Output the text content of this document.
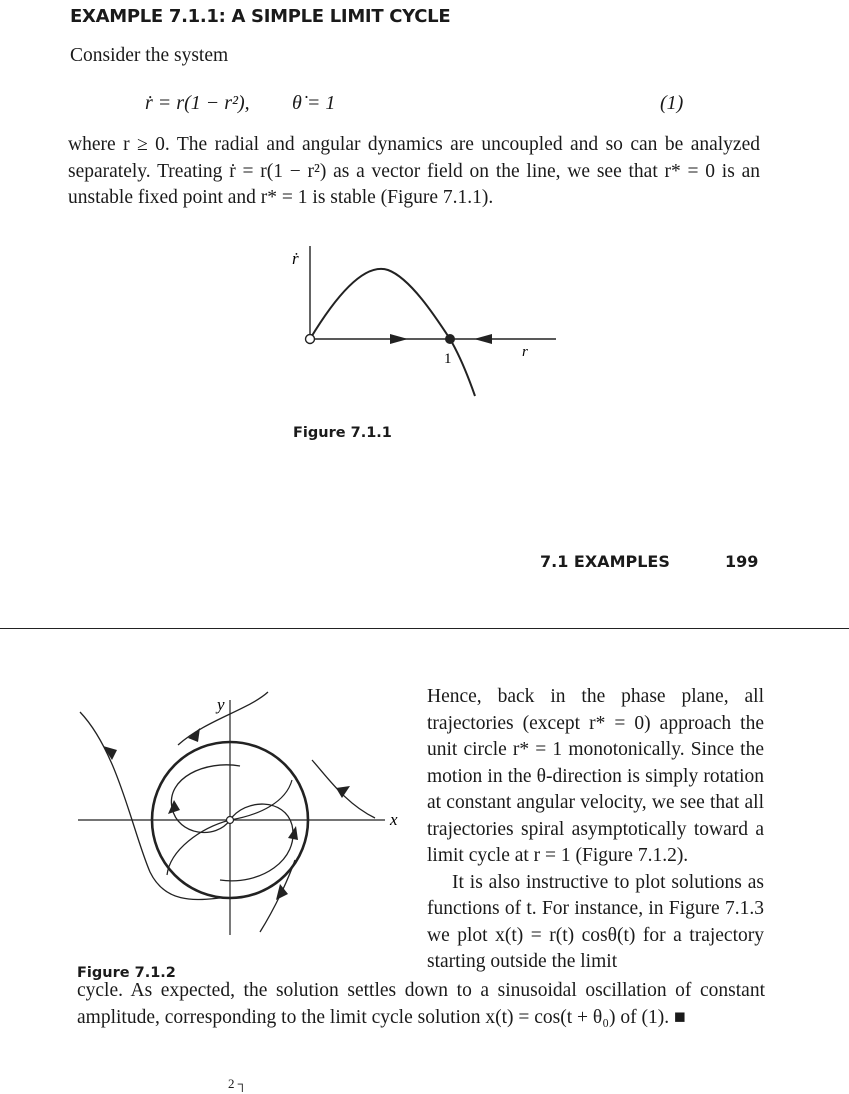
EXAMPLE 7.1.1: A SIMPLE LIMIT CYCLE
Consider the system
ṙ = r(1 − r²), θ̇ = 1	(1)
where r ≥ 0. The radial and angular dynamics are uncoupled and so can be analyzed separately. Treating ṙ = r(1 − r²) as a vector field on the line, we see that r* = 0 is an unstable fixed point and r* = 1 is stable (Figure 7.1.1).
ṙ
r
1
Figure 7.1.1
7.1 EXAMPLES	199
y
x
Figure 7.1.2

Hence, back in the phase plane, all trajectories (except r* = 0) approach the unit circle r* = 1 monotonically. Since the motion in the θ-direction is simply rotation at constant angular velocity, we see that all trajectories spiral asymptotically toward a limit cycle at r = 1 (Figure 7.1.2).

It is also instructive to plot solutions as functions of t. For instance, in Figure 7.1.3 we plot x(t) = r(t) cosθ(t) for a trajectory starting outside the limit

cycle. As expected, the solution settles down to a sinusoidal oscillation of constant amplitude, corresponding to the limit cycle solution x(t) = cos(t + θ₀) of (1). ■

2 ┐
